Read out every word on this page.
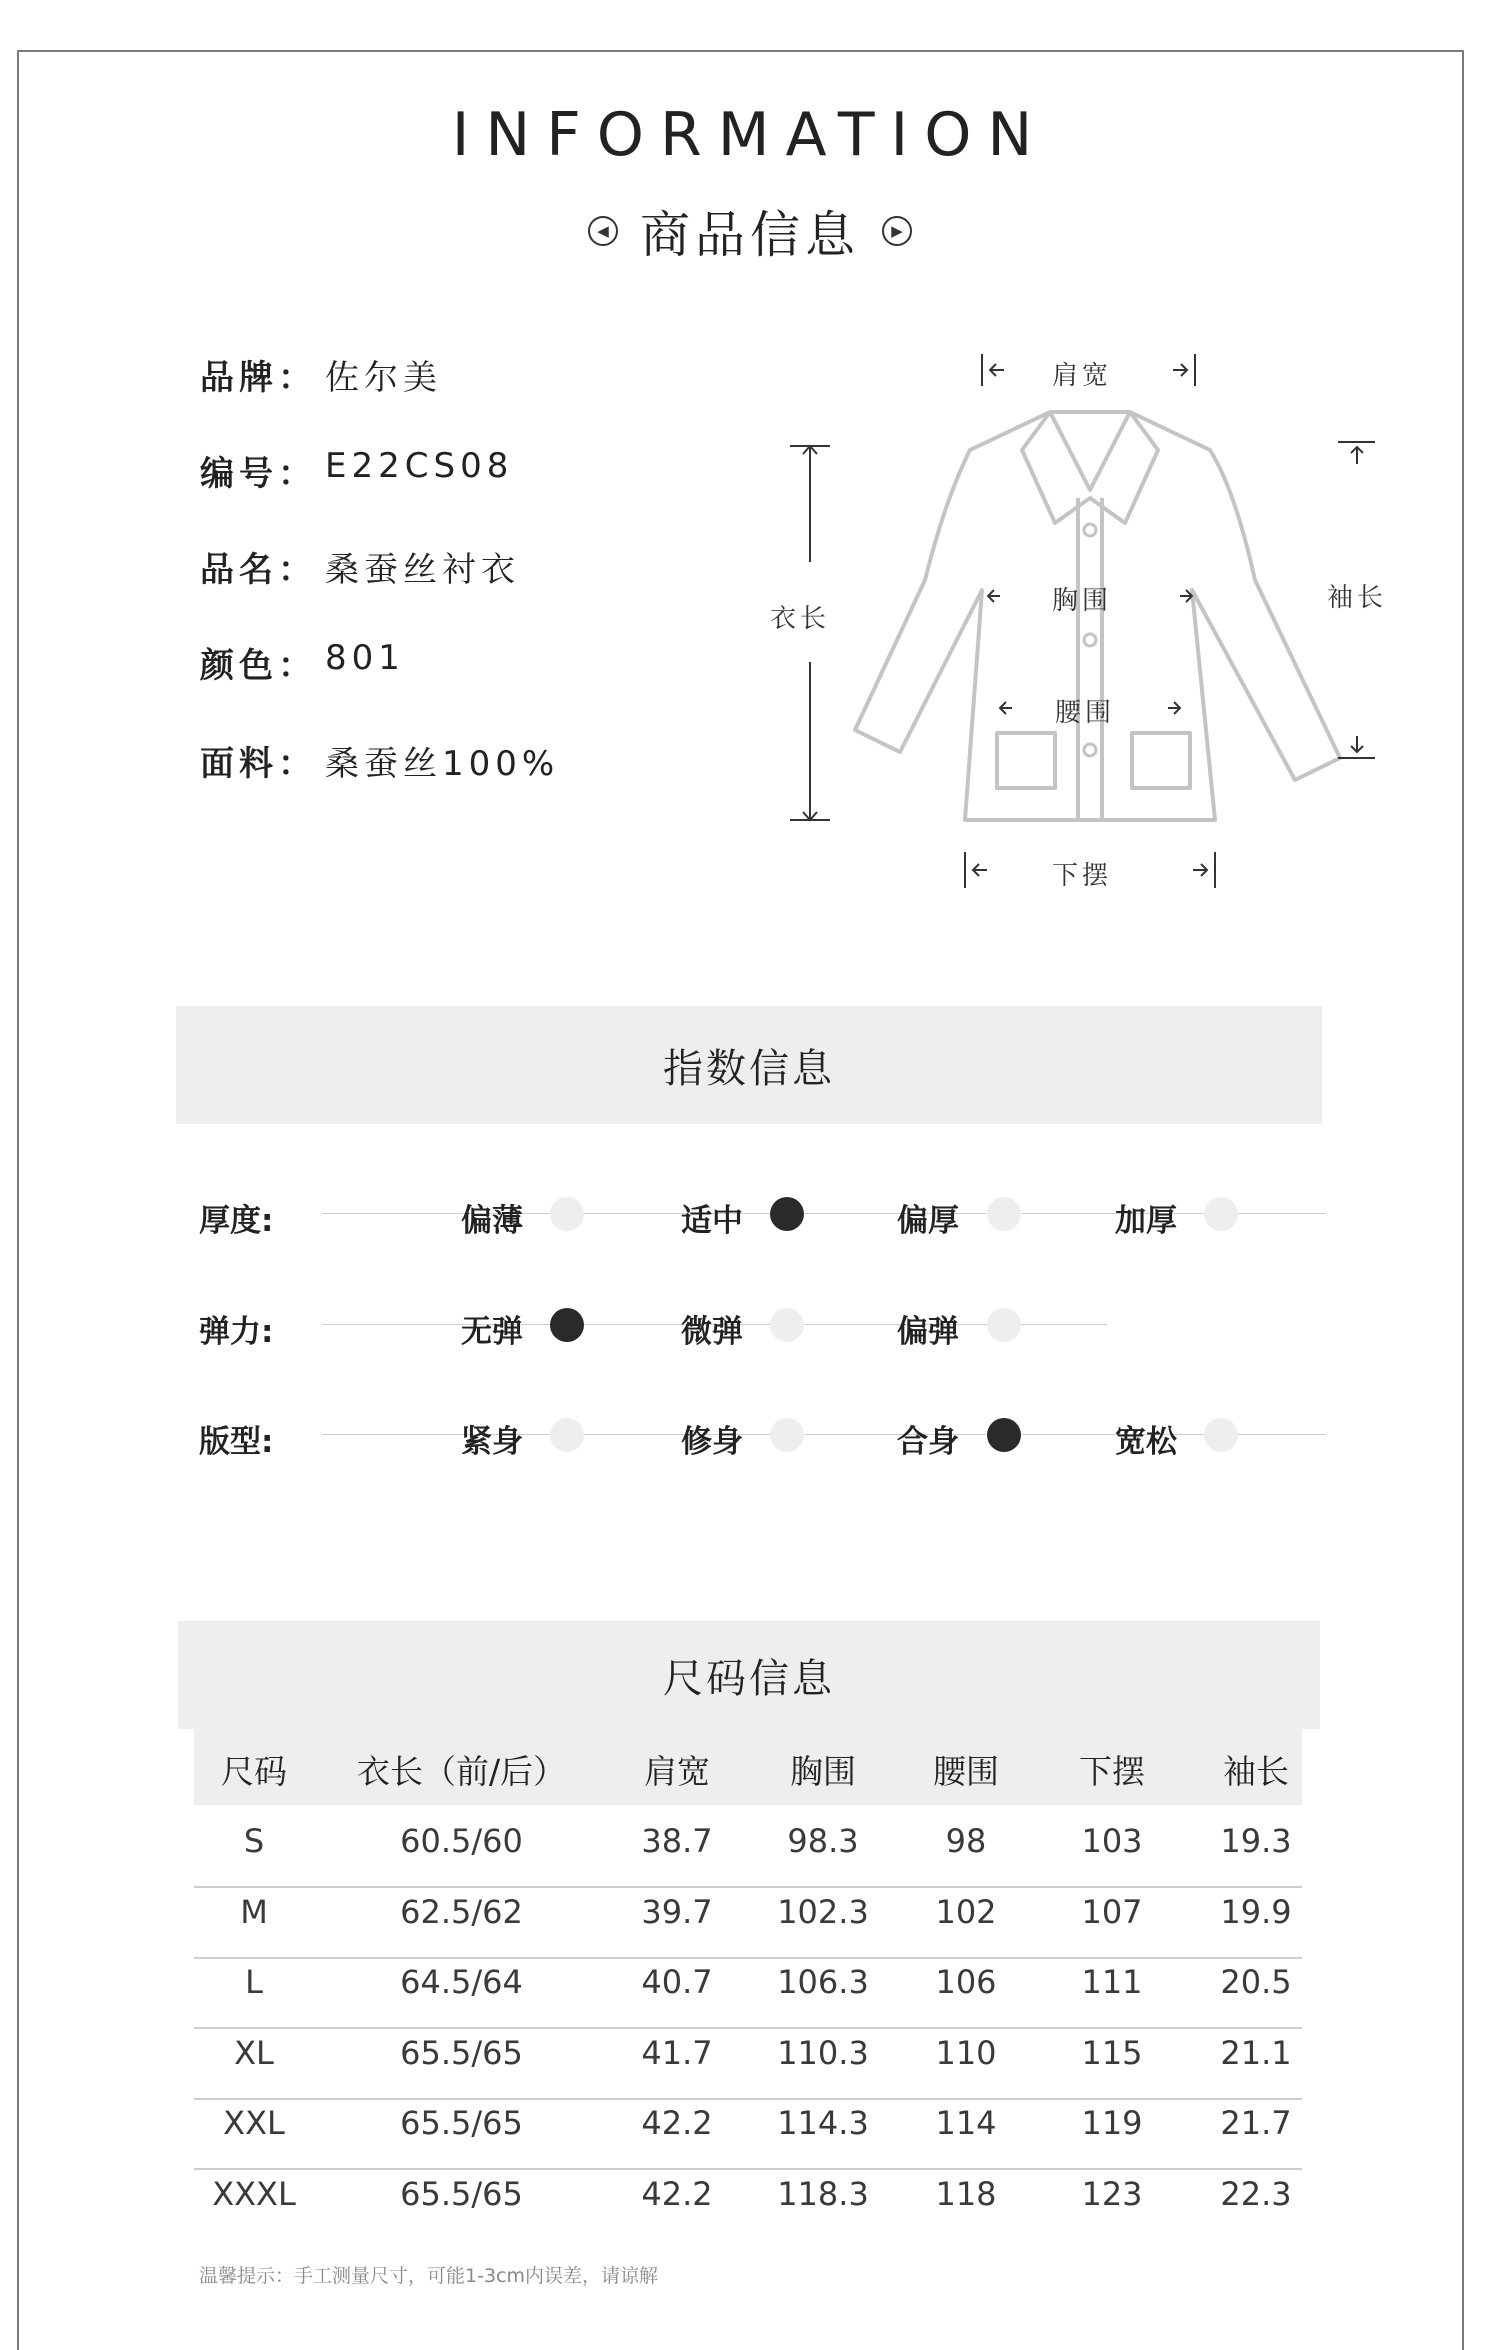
INFORMATION
◀ 商品信息	▶
品牌： 佐尔美
编号： E22CS08
品名： 桑蚕丝衬衣
颜色： 801
面料： 桑蚕丝100%
肩宽
衣长
胸围
腰围
袖长
下摆
指数信息
厚度:	偏薄	适中	偏厚	加厚
弹力:	无弹	微弹	偏弹
版型:	紧身	修身	合身	宽松
尺码信息
尺码	衣长（前/后）	肩宽	胸围	腰围	下摆	袖长
S	60.5/60	38.7	98.3	98	103	19.3
M	62.5/62	39.7	102.3	102	107	19.9
L	64.5/64	40.7	106.3	106	111	20.5
XL	65.5/65	41.7	110.3	110	115	21.1
XXL	65.5/65	42.2	114.3	114	119	21.7
XXXL	65.5/65	42.2	118.3	118	123	22.3
温馨提示：手工测量尺寸，可能1-3cm内误差，请谅解
